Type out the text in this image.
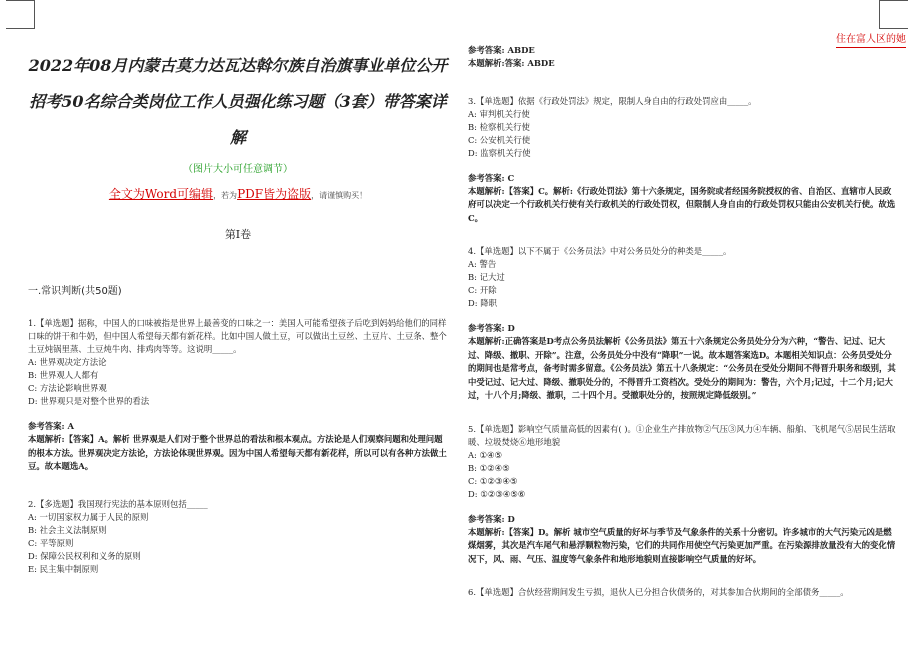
住在富人区的她
2022年08月内蒙古莫力达瓦达斡尔族自治旗事业单位公开招考50名综合类岗位工作人员强化练习题（3套）带答案详解
（图片大小可任意调节）
全文为Word可编辑，若为PDF皆为盗版，请谨慎购买！
第Ⅰ卷
一.常识判断(共50题)

1.【单选题】据称，中国人的口味被指是世界上最善变的口味之一：美国人可能希望孩子后吃到妈妈给他们的同样口味的饼干和牛奶，但中国人希望每天都有新花样。比如中国人做土豆，可以做出土豆丝、土豆片、土豆条、整个土豆炖锅里蒸、土豆炖牛肉、排鸡肉等等。这说明_____。

A: 世界观决定方法论

B: 世界观人人都有

C: 方法论影响世界观

D: 世界观只是对整个世界的看法

参考答案: A

本题解析:【答案】A。解析 世界观是人们对于整个世界总的看法和根本观点。方法论是人们观察问题和处理问题的根本方法。世界观决定方法论，方法论体现世界观。因为中国人希望每天都有新花样，所以可以有各种方法做土豆。故本题选A。

2.【多选题】我国现行宪法的基本原则包括_____

A: 一切国家权力属于人民的原则

B: 社会主义法制原则

C: 平等原则

D: 保障公民权利和义务的原则

E: 民主集中制原则

参考答案: ABDE

本题解析:答案: ABDE

3.【单选题】依据《行政处罚法》规定，限制人身自由的行政处罚应由_____。

A: 审判机关行使

B: 检察机关行使

C: 公安机关行使

D: 监察机关行使

参考答案: C

本题解析:【答案】C。解析:《行政处罚法》第十六条规定，国务院或者经国务院授权的省、自治区、直辖市人民政府可以决定一个行政机关行使有关行政机关的行政处罚权，但限制人身自由的行政处罚权只能由公安机关行使。故选C。

4.【单选题】以下不属于《公务员法》中对公务员处分的种类是_____。

A: 警告

B: 记大过

C: 开除

D: 降职

参考答案: D

本题解析:正确答案是D考点公务员法解析《公务员法》第五十六条规定公务员处分分为六种，“警告、记过、记大过、降级、撤职、开除”。注意，公务员处分中没有“降职”一说。故本题答案选D。本题相关知识点：公务员受处分的期间也是常考点，备考时需多留意。《公务员法》第五十八条规定：“公务员在受处分期间不得晋升职务和级别，其中受记过、记大过、降级、撤职处分的，不得晋升工资档次。受处分的期间为：警告，六个月;记过，十二个月;记大过，十八个月;降级、撤职，二十四个月。受撤职处分的，按照规定降低级别。”

5.【单选题】影响空气质量高低的因素有( )。①企业生产排放物②气压③风力④车辆、船舶、飞机尾气⑤居民生活取暖、垃圾焚烧⑥地形地貌

A: ①④⑤

B: ①②④⑤

C: ①②③④⑤

D: ①②③④⑤⑥

参考答案: D

本题解析:【答案】D。解析 城市空气质量的好坏与季节及气象条件的关系十分密切。许多城市的大气污染元凶是燃煤烟雾，其次是汽车尾气和悬浮颗粒物污染，它们的共同作用使空气污染更加严重。在污染源排放量没有大的变化情况下，风、雨、气压、温度等气象条件和地形地貌则直接影响空气质量的好坏。

6.【单选题】合伙经营期间发生亏损，退伙人已分担合伙债务的，对其参加合伙期间的全部债务_____。
